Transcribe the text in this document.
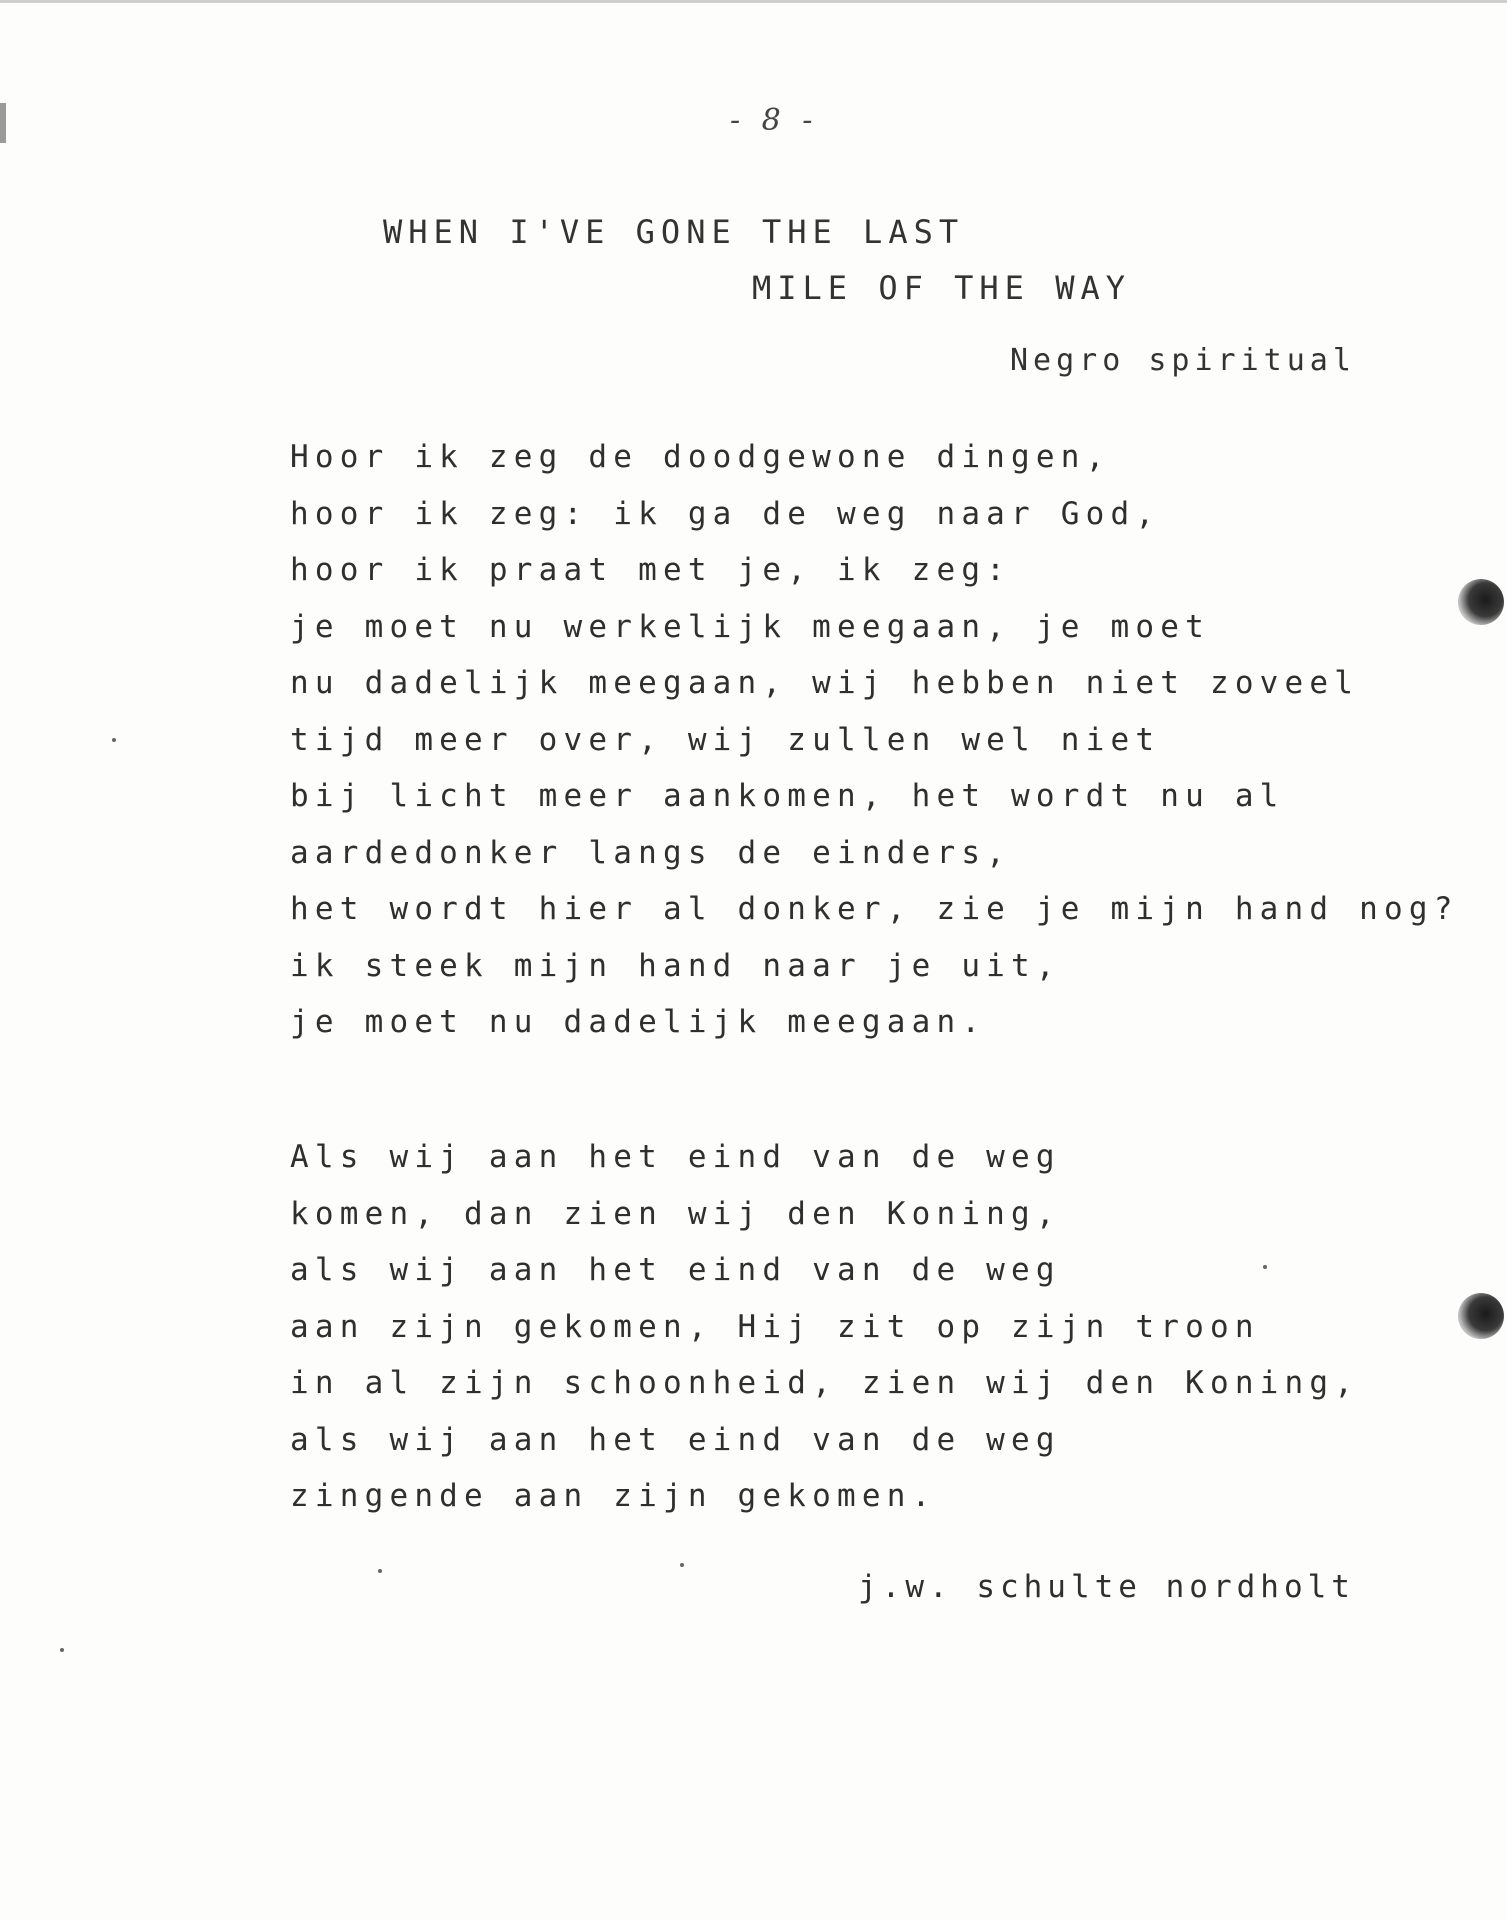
- 8 -
WHEN I'VE GONE THE LAST
MILE OF THE WAY
Negro spiritual
Hoor ik zeg de doodgewone dingen,
hoor ik zeg: ik ga de weg naar God,
hoor ik praat met je, ik zeg:
je moet nu werkelijk meegaan, je moet
nu dadelijk meegaan, wij hebben niet zoveel
tijd meer over, wij zullen wel niet
bij licht meer aankomen, het wordt nu al
aardedonker langs de einders,
het wordt hier al donker, zie je mijn hand nog?
ik steek mijn hand naar je uit,
je moet nu dadelijk meegaan.
Als wij aan het eind van de weg
komen, dan zien wij den Koning,
als wij aan het eind van de weg
aan zijn gekomen, Hij zit op zijn troon
in al zijn schoonheid, zien wij den Koning,
als wij aan het eind van de weg
zingende aan zijn gekomen.
j.w. schulte nordholt
